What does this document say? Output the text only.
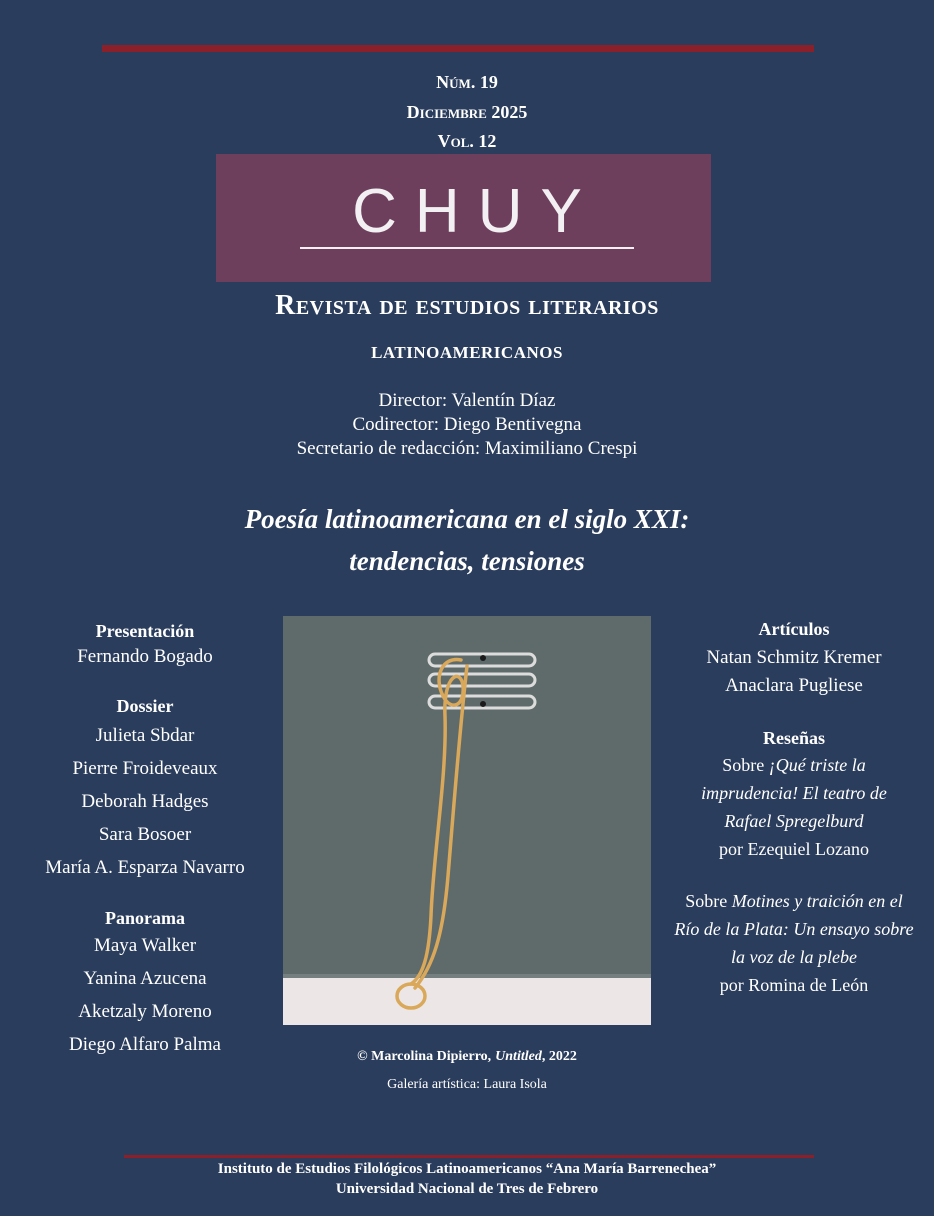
Núm. 19
Diciembre 2025
Vol. 12
CHUY
Revista de estudios literarios
latinoamericanos
Director: Valentín Díaz
Codirector: Diego Bentivegna
Secretario de redacción: Maximiliano Crespi
Poesía latinoamericana en el siglo XXI:
tendencias, tensiones
Presentación
Fernando Bogado
Dossier
Julieta Sbdar
Pierre Froideveaux
Deborah Hadges
Sara Bosoer
María A. Esparza Navarro
Panorama
Maya Walker
Yanina Azucena
Aketzaly Moreno
Diego Alfaro Palma
© Marcolina Dipierro, Untitled, 2022
Galería artística: Laura Isola
Artículos
Natan Schmitz Kremer
Anaclara Pugliese
Reseñas
Sobre ¡Qué triste la
imprudencia! El teatro de
Rafael Spregelburd
por Ezequiel Lozano
Sobre Motines y traición en el
Río de la Plata: Un ensayo sobre
la voz de la plebe
por Romina de León
Instituto de Estudios Filológicos Latinoamericanos “Ana María Barrenechea”
Universidad Nacional de Tres de Febrero
